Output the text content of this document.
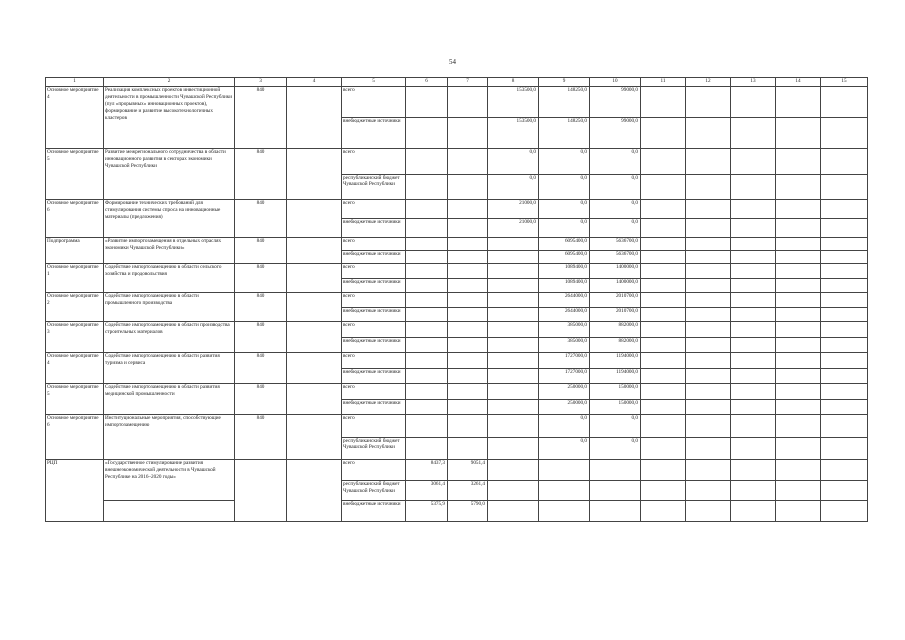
54
1	2	3	4	5	6	7	8	9	10	11	12	13	14	15
Основное мероприятие 4	Реализация комплексных проектов инвестиционной деятельности в промышленности Чувашской Республики (пул «прорывных» инновационных проектов), формирование и развитие высокотехнологичных кластеров	840		всего			153500,0	148250,0	99000,0					
				внебюджетные источники			153500,0	148250,0	99000,0					
Основное мероприятие 5	Развитие межрегионального сотрудничества в области инновационного развития в секторах экономики Чувашской Республики	840		всего			0,0	0,0	0,0					
				республиканский бюджет Чувашской Республики			0,0	0,0	0,0					
Основное мероприятие 6	Формирование технических требований для стимулирования системы спроса на инновационные материалы (предложения)	840		всего			21000,0	0,0	0,0					
				внебюджетные источники			21000,0	0,0	0,0					
Подпрограмма	«Развитие импортозамещения в отдельных отраслях экономики Чувашской Республики»	840		всего				6095400,0	5636700,0					
				внебюджетные источники				6095400,0	5636700,0					
Основное мероприятие 1	Содействие импортозамещению в области сельского хозяйства и продовольствия	840		всего				1089400,0	1400000,0					
				внебюджетные источники				1089400,0	1400000,0					
Основное мероприятие 2	Содействие импортозамещению в области промышленного производства	840		всего				2644000,0	2010700,0					
				внебюджетные источники				2644000,0	2010700,0					
Основное мероприятие 3	Содействие импортозамещению в области производства строительных материалов	840		всего				385000,0	882000,0					
				внебюджетные источники				385000,0	882000,0					
Основное мероприятие 4	Содействие импортозамещению в области развития туризма и сервиса	840		всего				1727000,0	1194000,0					
				внебюджетные источники				1727000,0	1194000,0					
Основное мероприятие 5	Содействие импортозамещению в области развития медицинской промышленности	840		всего				250000,0	150000,0					
				внебюджетные источники				250000,0	150000,0					
Основное мероприятие 6	Институциональные мероприятия, способствующие импортозамещению	840		всего				0,0	0,0					
				республиканский бюджет Чувашской Республики				0,0	0,0					
РЦП	«Государственное стимулирование развития внешнеэкономической деятельности в Чувашской Республике на 2016–2020 годы»			всего	8437,3	9051,4								
				республиканский бюджет Чувашской Республики	3061,4	3261,4								
				внебюджетные источники	5375,9	5790,0								
